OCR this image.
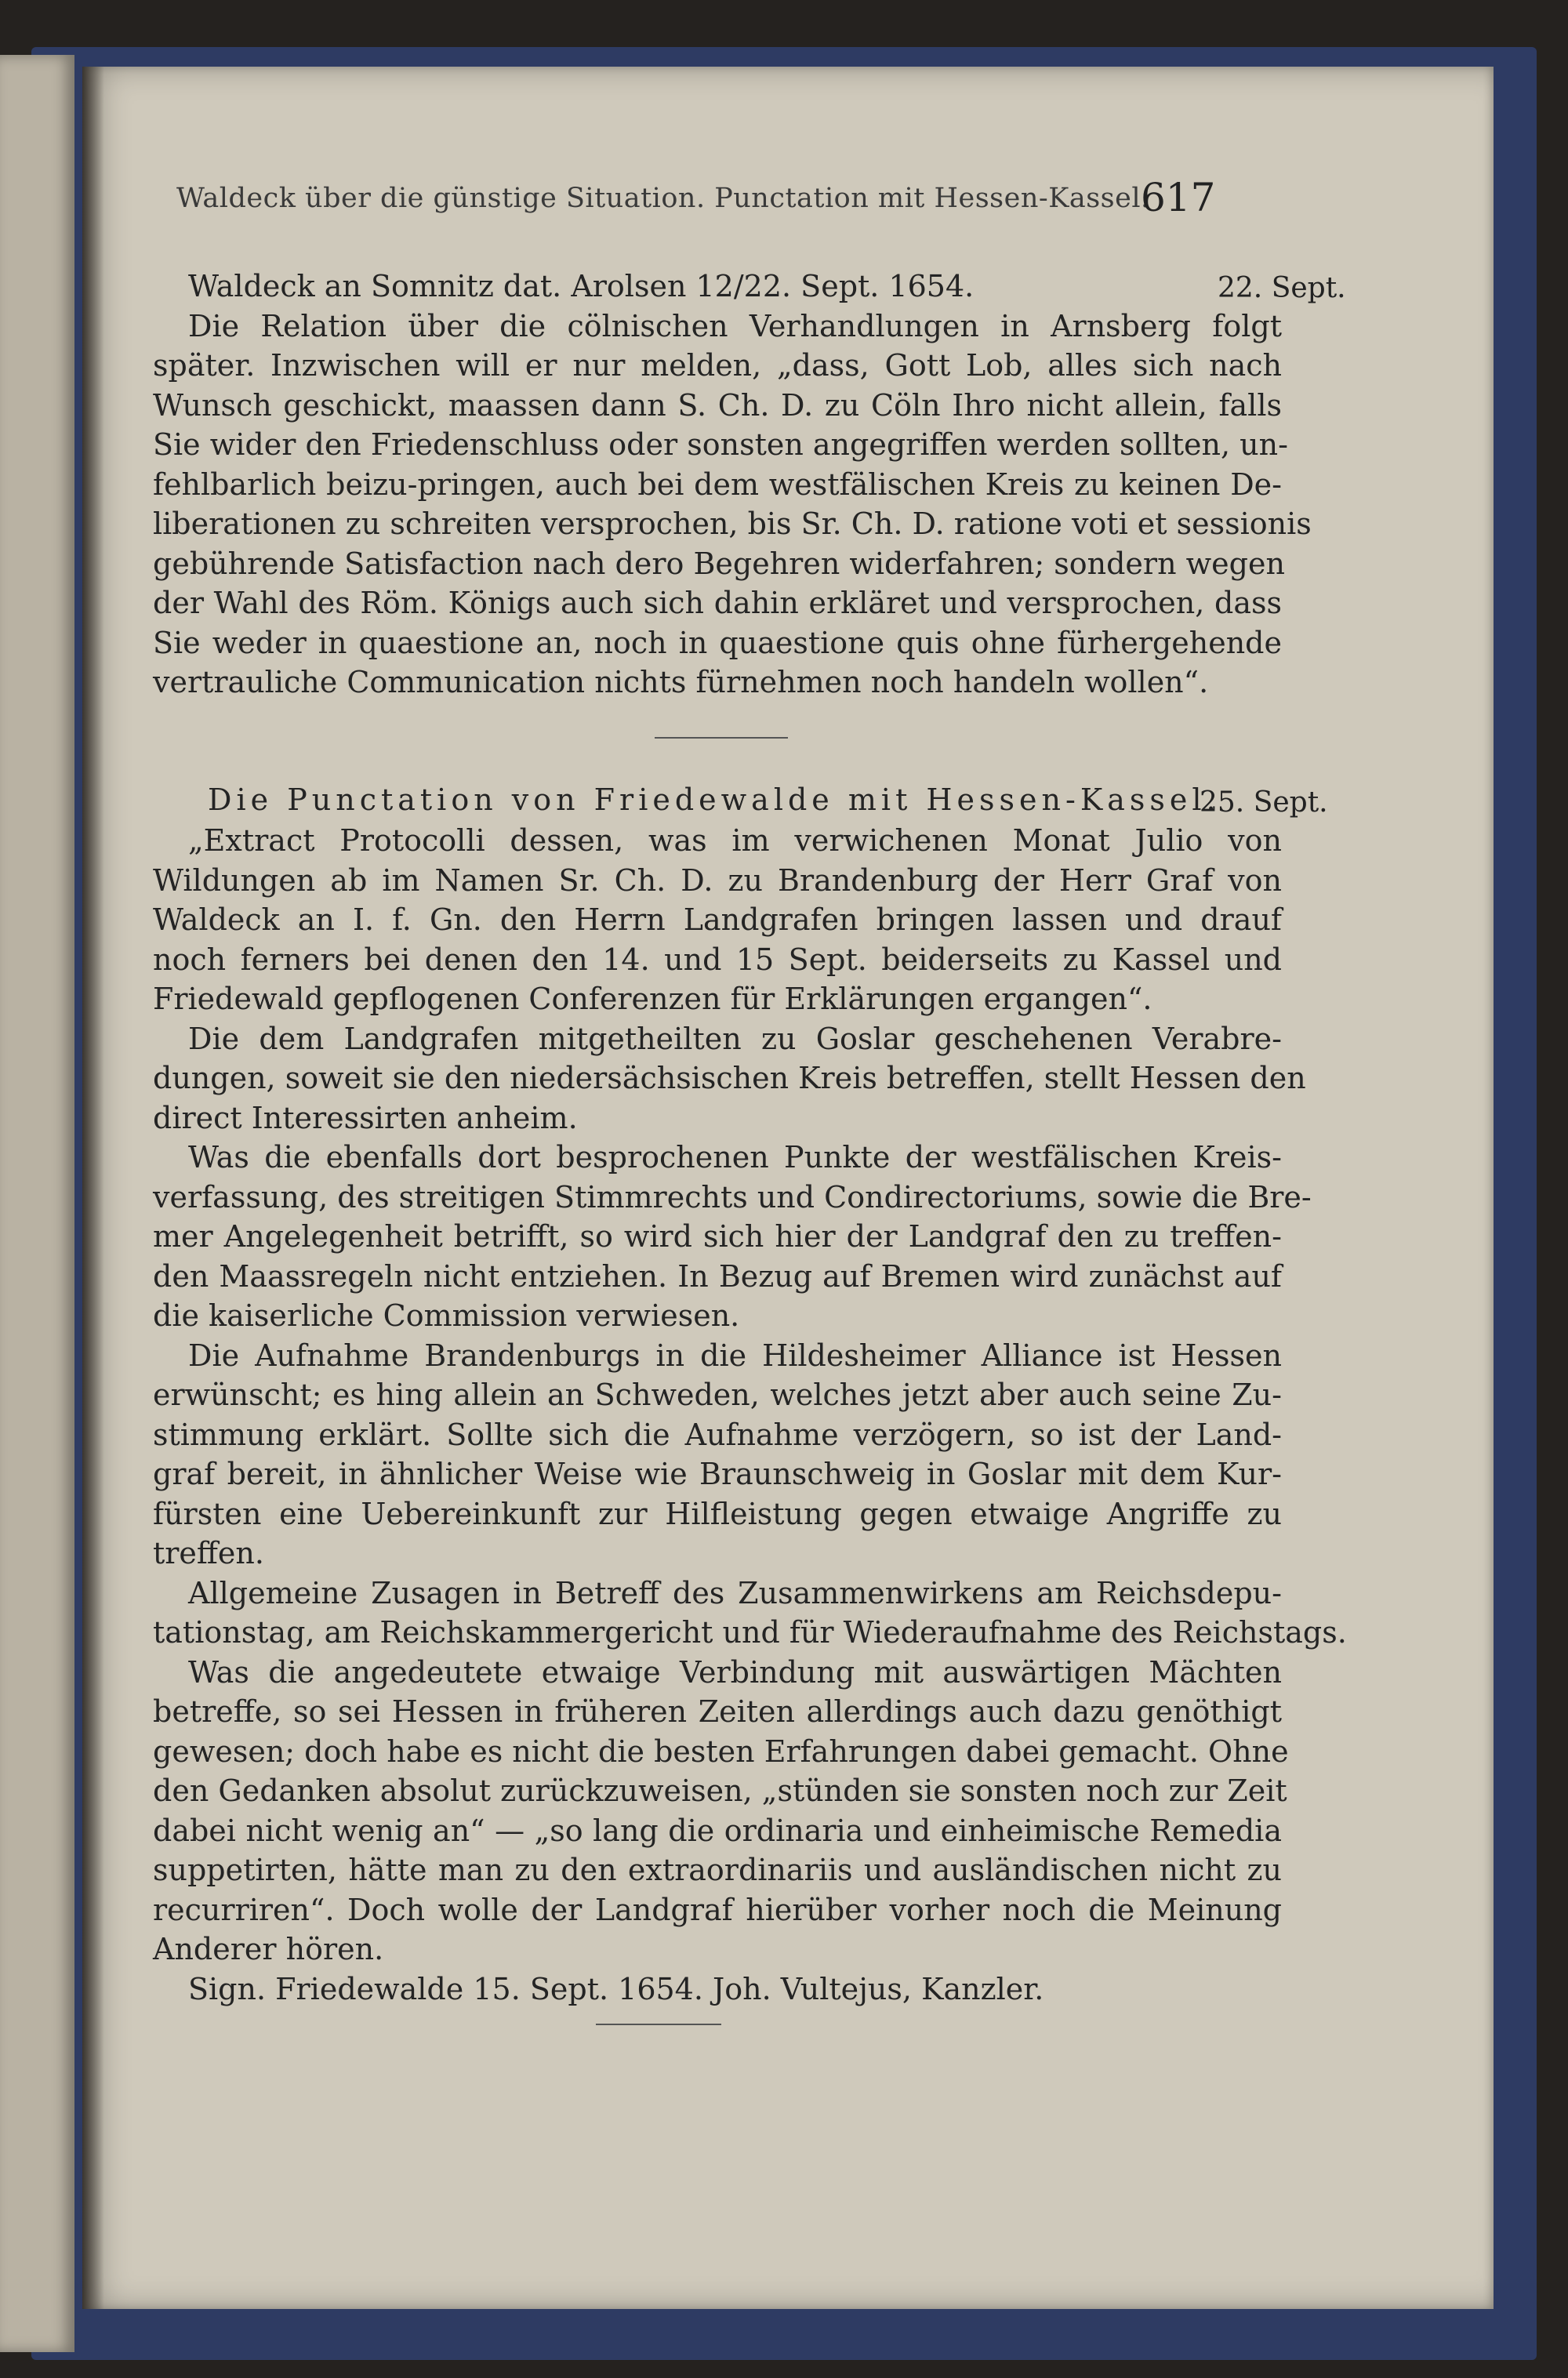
Waldeck über die günstige Situation. Punctation mit Hessen-Kassel.
617
22. Sept.
Waldeck an Somnitz dat. Arolsen 12/22. Sept. 1654.
Die Relation über die cölnischen Verhandlungen in Arnsberg folgt
später. Inzwischen will er nur melden, „dass, Gott Lob, alles sich nach
Wunsch geschickt, maassen dann S. Ch. D. zu Cöln Ihro nicht allein, falls
Sie wider den Friedenschluss oder sonsten angegriffen werden sollten, un-
fehlbarlich beizu-pringen, auch bei dem westfälischen Kreis zu keinen De-
liberationen zu schreiten versprochen, bis Sr. Ch. D. ratione voti et sessionis
gebührende Satisfaction nach dero Begehren widerfahren; sondern wegen
der Wahl des Röm. Königs auch sich dahin erkläret und versprochen, dass
Sie weder in quaestione an, noch in quaestione quis ohne fürhergehende
vertrauliche Communication nichts fürnehmen noch handeln wollen“.
25. Sept.
Die Punctation von Friedewalde mit Hessen-Kassel.
„Extract Protocolli dessen, was im verwichenen Monat Julio von
Wildungen ab im Namen Sr. Ch. D. zu Brandenburg der Herr Graf von
Waldeck an I. f. Gn. den Herrn Landgrafen bringen lassen und drauf
noch ferners bei denen den 14. und 15 Sept. beiderseits zu Kassel und
Friedewald gepflogenen Conferenzen für Erklärungen ergangen“.
Die dem Landgrafen mitgetheilten zu Goslar geschehenen Verabre-
dungen, soweit sie den niedersächsischen Kreis betreffen, stellt Hessen den
direct Interessirten anheim.
Was die ebenfalls dort besprochenen Punkte der westfälischen Kreis-
verfassung, des streitigen Stimmrechts und Condirectoriums, sowie die Bre-
mer Angelegenheit betrifft, so wird sich hier der Landgraf den zu treffen-
den Maassregeln nicht entziehen. In Bezug auf Bremen wird zunächst auf
die kaiserliche Commission verwiesen.
Die Aufnahme Brandenburgs in die Hildesheimer Alliance ist Hessen
erwünscht; es hing allein an Schweden, welches jetzt aber auch seine Zu-
stimmung erklärt. Sollte sich die Aufnahme verzögern, so ist der Land-
graf bereit, in ähnlicher Weise wie Braunschweig in Goslar mit dem Kur-
fürsten eine Uebereinkunft zur Hilfleistung gegen etwaige Angriffe zu
treffen.
Allgemeine Zusagen in Betreff des Zusammenwirkens am Reichsdepu-
tationstag, am Reichskammergericht und für Wiederaufnahme des Reichstags.
Was die angedeutete etwaige Verbindung mit auswärtigen Mächten
betreffe, so sei Hessen in früheren Zeiten allerdings auch dazu genöthigt
gewesen; doch habe es nicht die besten Erfahrungen dabei gemacht. Ohne
den Gedanken absolut zurückzuweisen, „stünden sie sonsten noch zur Zeit
dabei nicht wenig an“ — „so lang die ordinaria und einheimische Remedia
suppetirten, hätte man zu den extraordinariis und ausländischen nicht zu
recurriren“. Doch wolle der Landgraf hierüber vorher noch die Meinung
Anderer hören.
Sign. Friedewalde 15. Sept. 1654. Joh. Vultejus, Kanzler.
